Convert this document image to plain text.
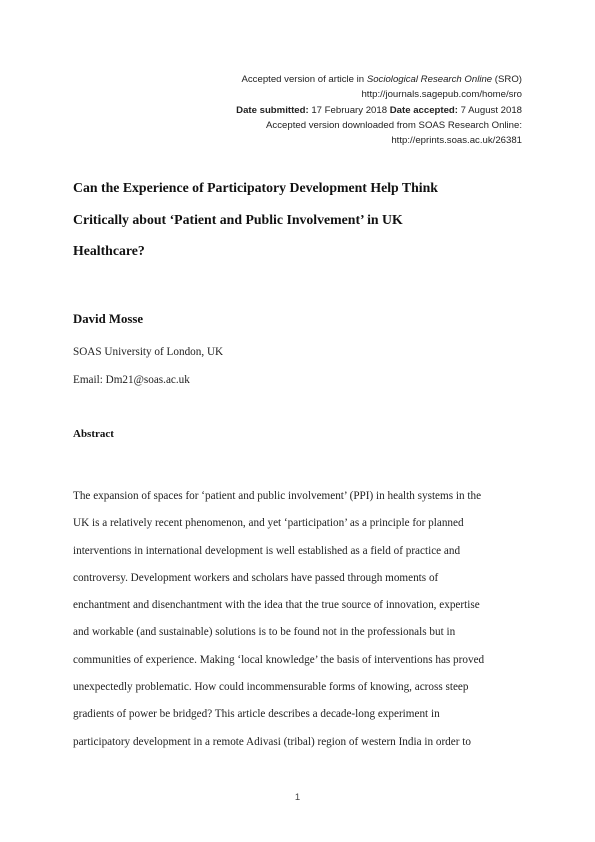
Accepted version of article in Sociological Research Online (SRO)
http://journals.sagepub.com/home/sro
Date submitted: 17 February 2018 Date accepted: 7 August 2018
Accepted version downloaded from SOAS Research Online:
http://eprints.soas.ac.uk/26381
Can the Experience of Participatory Development Help Think
Critically about ‘Patient and Public Involvement’ in UK
Healthcare?

David Mosse

SOAS University of London, UK

Email: Dm21@soas.ac.uk

Abstract
The expansion of spaces for ‘patient and public involvement’ (PPI) in health systems in the
UK is a relatively recent phenomenon, and yet ‘participation’ as a principle for planned
interventions in international development is well established as a field of practice and
controversy. Development workers and scholars have passed through moments of
enchantment and disenchantment with the idea that the true source of innovation, expertise
and workable (and sustainable) solutions is to be found not in the professionals but in
communities of experience. Making ‘local knowledge’ the basis of interventions has proved
unexpectedly problematic. How could incommensurable forms of knowing, across steep
gradients of power be bridged? This article describes a decade-long experiment in
participatory development in a remote Adivasi (tribal) region of western India in order to
1
